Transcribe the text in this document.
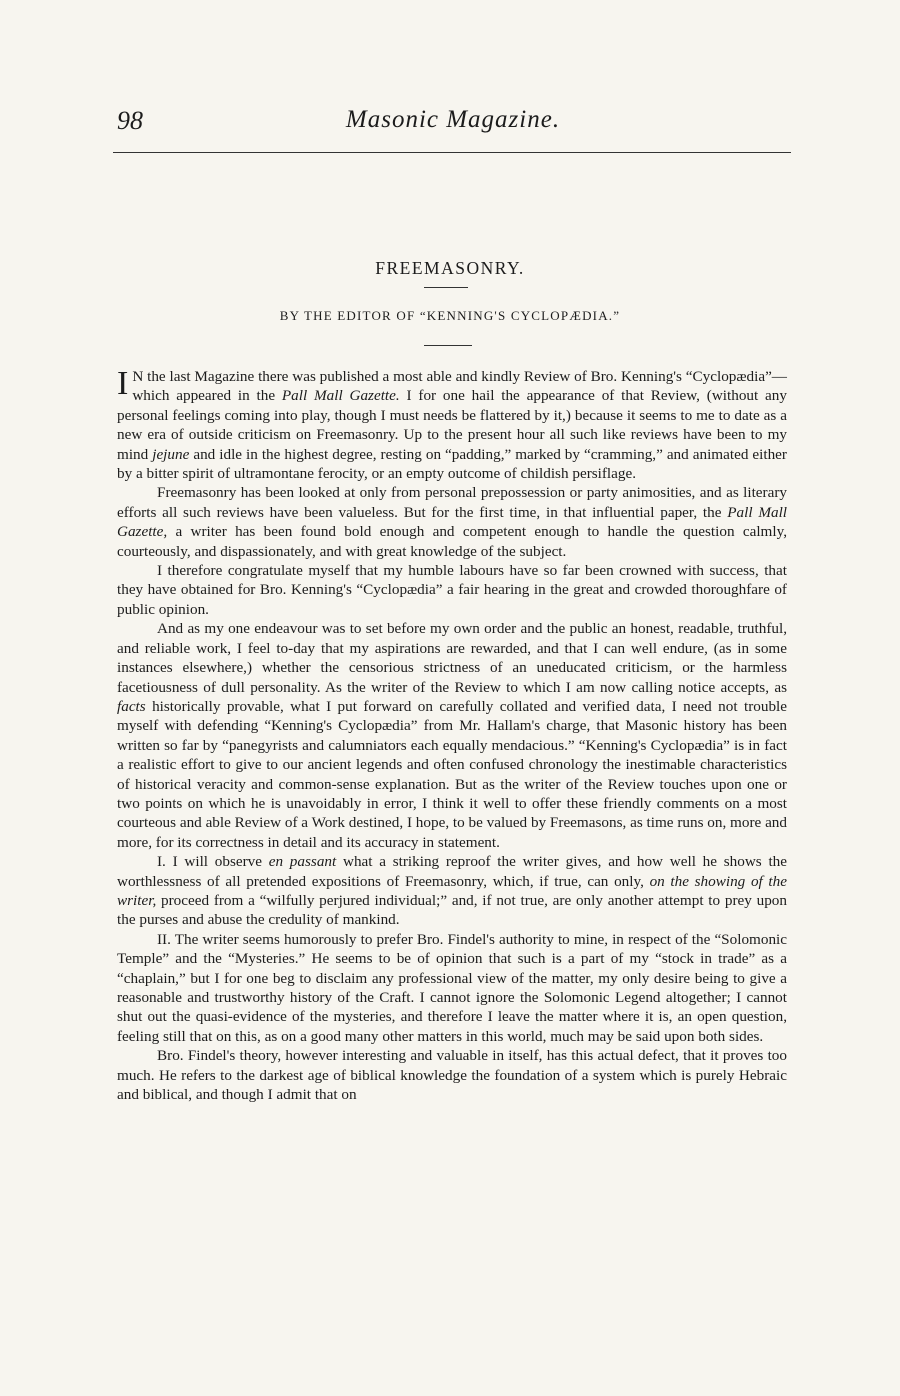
98	Masonic Magazine.
FREEMASONRY.
BY THE EDITOR OF “KENNING'S CYCLOPÆDIA.”

I N the last Magazine there was published a most able and kindly Review of Bro. Kenning's “Cyclopædia”—which appeared in the Pall Mall Gazette. I for one hail the appearance of that Review, (without any personal feelings coming into play, though I must needs be flattered by it,) because it seems to me to date as a new era of outside criticism on Freemasonry. Up to the present hour all such like reviews have been to my mind jejune and idle in the highest degree, resting on “padding,” marked by “cramming,” and animated either by a bitter spirit of ultramontane ferocity, or an empty outcome of childish persiflage.

Freemasonry has been looked at only from personal prepossession or party animosities, and as literary efforts all such reviews have been valueless. But for the first time, in that influential paper, the Pall Mall Gazette, a writer has been found bold enough and competent enough to handle the question calmly, courteously, and dispassionately, and with great knowledge of the subject.

I therefore congratulate myself that my humble labours have so far been crowned with success, that they have obtained for Bro. Kenning's “Cyclopædia” a fair hearing in the great and crowded thoroughfare of public opinion.

And as my one endeavour was to set before my own order and the public an honest, readable, truthful, and reliable work, I feel to-day that my aspirations are rewarded, and that I can well endure, (as in some instances elsewhere,) whether the censorious strictness of an uneducated criticism, or the harmless facetiousness of dull personality. As the writer of the Review to which I am now calling notice accepts, as facts historically provable, what I put forward on carefully collated and verified data, I need not trouble myself with defending “Kenning's Cyclopædia” from Mr. Hallam's charge, that Masonic history has been written so far by “panegyrists and calumniators each equally mendacious.” “Kenning's Cyclopædia” is in fact a realistic effort to give to our ancient legends and often confused chronology the inestimable characteristics of historical veracity and common-sense explanation. But as the writer of the Review touches upon one or two points on which he is unavoidably in error, I think it well to offer these friendly comments on a most courteous and able Review of a Work destined, I hope, to be valued by Freemasons, as time runs on, more and more, for its correctness in detail and its accuracy in statement.

I. I will observe en passant what a striking reproof the writer gives, and how well he shows the worthlessness of all pretended expositions of Freemasonry, which, if true, can only, on the showing of the writer, proceed from a “wilfully perjured individual;” and, if not true, are only another attempt to prey upon the purses and abuse the credulity of mankind.

II. The writer seems humorously to prefer Bro. Findel's authority to mine, in respect of the “Solomonic Temple” and the “Mysteries.” He seems to be of opinion that such is a part of my “stock in trade” as a “chaplain,” but I for one beg to disclaim any professional view of the matter, my only desire being to give a reasonable and trustworthy history of the Craft. I cannot ignore the Solomonic Legend altogether; I cannot shut out the quasi-evidence of the mysteries, and therefore I leave the matter where it is, an open question, feeling still that on this, as on a good many other matters in this world, much may be said upon both sides.

Bro. Findel's theory, however interesting and valuable in itself, has this actual defect, that it proves too much. He refers to the darkest age of biblical knowledge the foundation of a system which is purely Hebraic and biblical, and though I admit that on
